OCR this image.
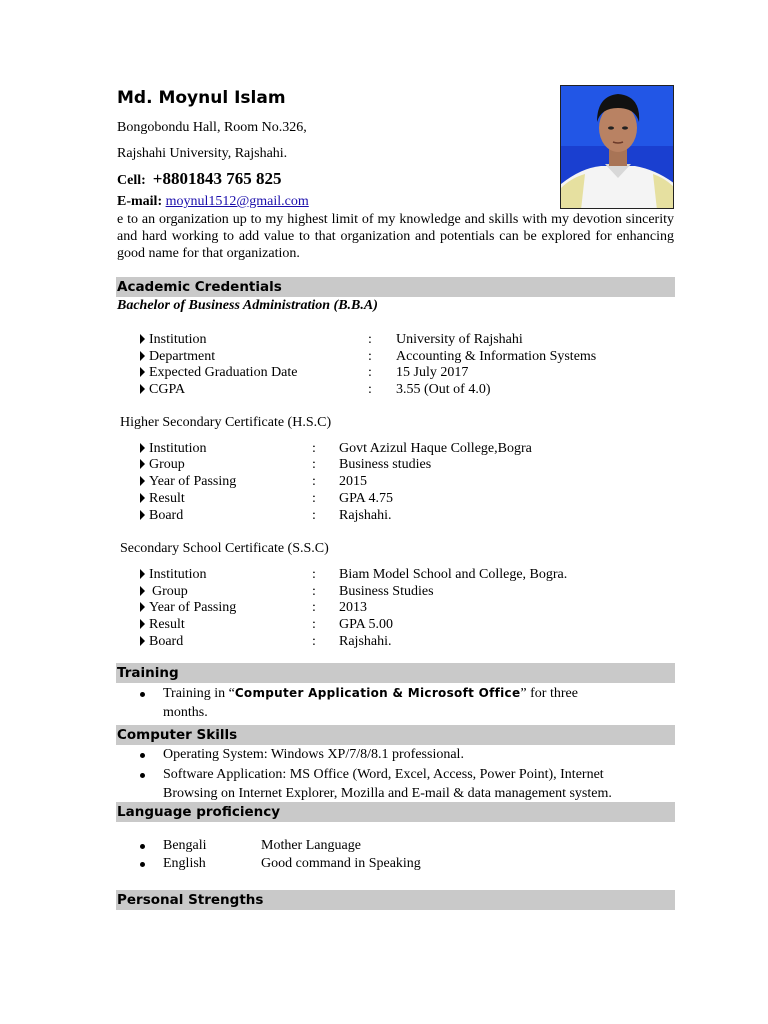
Md. Moynul Islam
Bongobondu Hall, Room No.326,
Rajshahi University, Rajshahi.
Cell: +8801843 765 825
E-mail: moynul1512@gmail.com
e to an organization up to my highest limit of my knowledge and skills with my devotion sincerity and hard working to add value to that organization and potentials can be explored for enhancing good name for that organization.
Academic Credentials
Bachelor of Business Administration (B.B.A)
Institution	: University of Rajshahi
Department	: Accounting & Information Systems
Expected Graduation Date	: 15 July 2017
CGPA	: 3.55 (Out of 4.0)
Higher Secondary Certificate (H.S.C)
Institution	: Govt Azizul Haque College,Bogra
Group	: Business studies
Year of Passing	: 2015
Result	: GPA 4.75
Board	: Rajshahi.
Secondary School Certificate (S.S.C)
Institution	: Biam Model School and College, Bogra.
Group	: Business Studies
Year of Passing	: 2013
Result	: GPA 5.00
Board	: Rajshahi.
Training
Training in “Computer Application & Microsoft Office” for three
months.
Computer Skills
Operating System: Windows XP/7/8/8.1 professional.
Software Application: MS Office (Word, Excel, Access, Power Point), Internet
Browsing on Internet Explorer, Mozilla and E-mail & data management system.
Language proficiency
Bengali	Mother Language
English	Good command in Speaking
Personal Strengths
